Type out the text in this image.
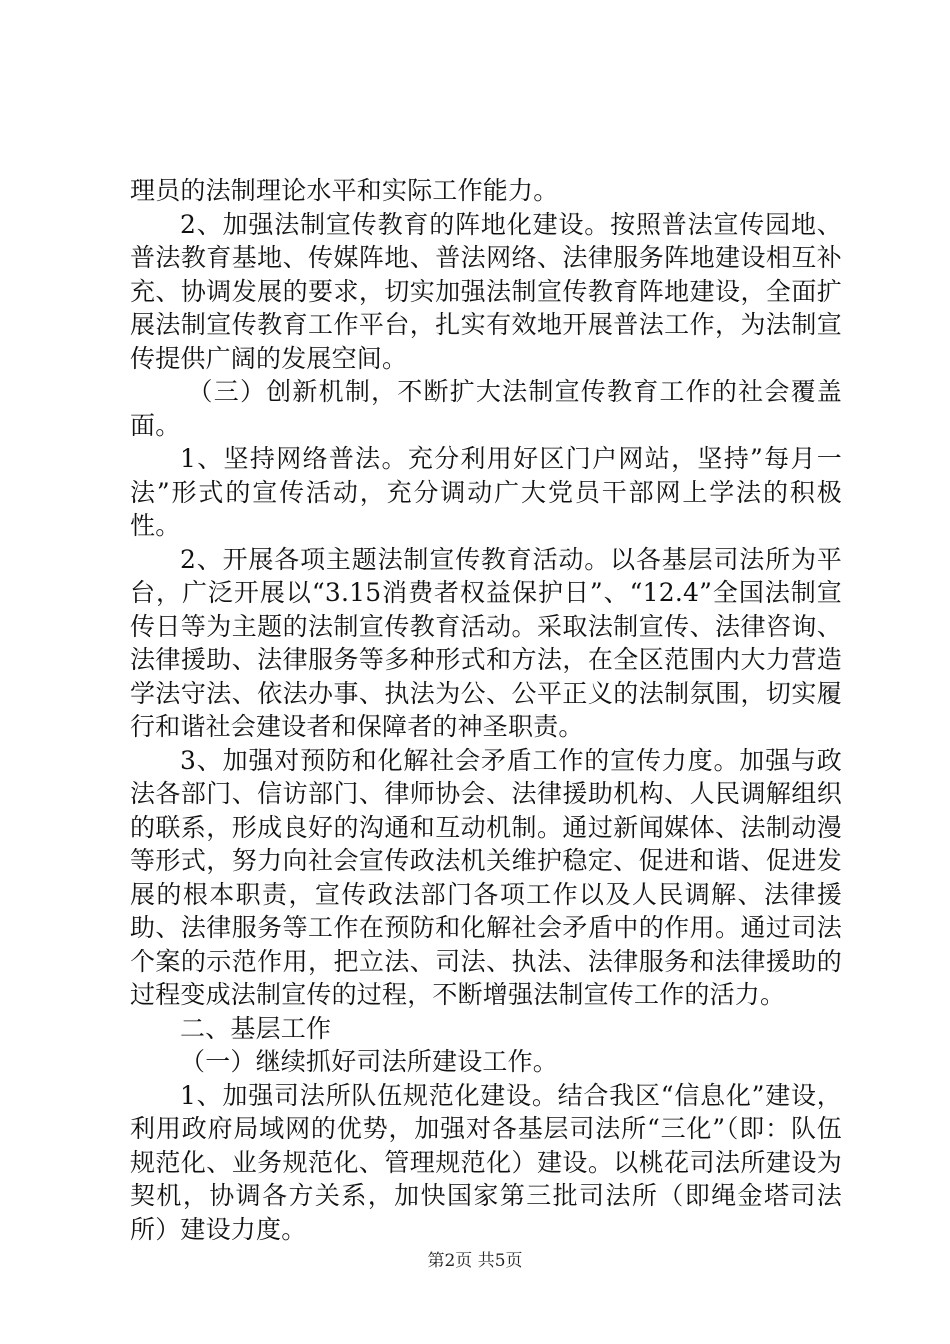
理员的法制理论水平和实际工作能力。

2、加强法制宣传教育的阵地化建设。按照普法宣传园地、普法教育基地、传媒阵地、普法网络、法律服务阵地建设相互补充、协调发展的要求，切实加强法制宣传教育阵地建设，全面扩展法制宣传教育工作平台，扎实有效地开展普法工作，为法制宣传提供广阔的发展空间。

（三）创新机制，不断扩大法制宣传教育工作的社会覆盖面。

1、坚持网络普法。充分利用好区门户网站，坚持”每月一法”形式的宣传活动，充分调动广大党员干部网上学法的积极性。

2、开展各项主题法制宣传教育活动。以各基层司法所为平台，广泛开展以“3.15消费者权益保护日”、“12.4”全国法制宣传日等为主题的法制宣传教育活动。采取法制宣传、法律咨询、法律援助、法律服务等多种形式和方法，在全区范围内大力营造学法守法、依法办事、执法为公、公平正义的法制氛围，切实履行和谐社会建设者和保障者的神圣职责。

3、加强对预防和化解社会矛盾工作的宣传力度。加强与政法各部门、信访部门、律师协会、法律援助机构、人民调解组织的联系，形成良好的沟通和互动机制。通过新闻媒体、法制动漫等形式，努力向社会宣传政法机关维护稳定、促进和谐、促进发展的根本职责，宣传政法部门各项工作以及人民调解、法律援助、法律服务等工作在预防和化解社会矛盾中的作用。通过司法个案的示范作用，把立法、司法、执法、法律服务和法律援助的过程变成法制宣传的过程，不断增强法制宣传工作的活力。

二、基层工作

（一）继续抓好司法所建设工作。

1、加强司法所队伍规范化建设。结合我区“信息化”建设，利用政府局域网的优势，加强对各基层司法所“三化”（即：队伍规范化、业务规范化、管理规范化）建设。以桃花司法所建设为契机，协调各方关系，加快国家第三批司法所（即绳金塔司法所）建设力度。

第2页 共5页
